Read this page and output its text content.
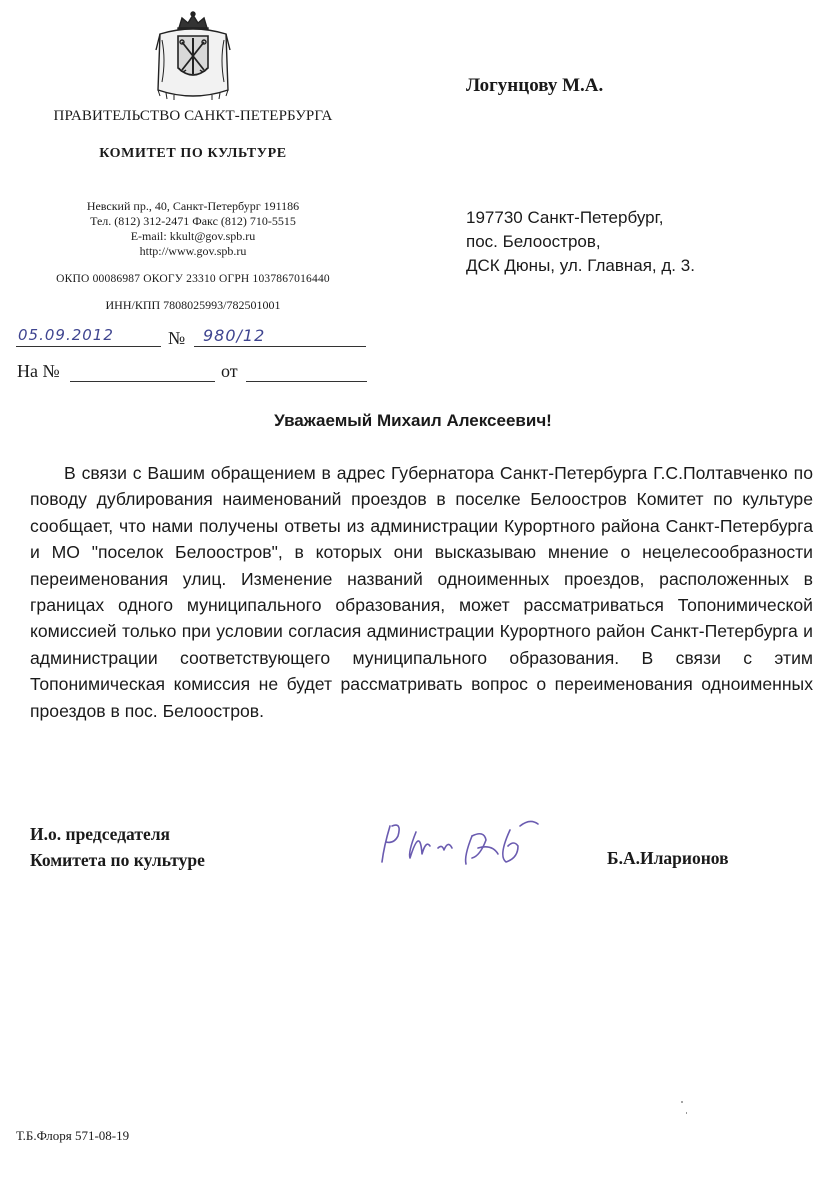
ПРАВИТЕЛЬСТВО САНКТ-ПЕТЕРБУРГА
КОМИТЕТ ПО КУЛЬТУРЕ
Невский пр., 40, Санкт-Петербург 191186
Тел. (812) 312-2471 Факс (812) 710-5515
E-mail: kkult@gov.spb.ru
http://www.gov.spb.ru
ОКПО 00086987 ОКОГУ 23310 ОГРН 1037867016440
ИНН/КПП 7808025993/782501001
05.09.2012	№ 980/12
На №	от
Логунцову М.А.
197730 Санкт-Петербург,
пос. Белоостров,
ДСК Дюны, ул. Главная, д. 3.
Уважаемый Михаил Алексеевич!

В связи с Вашим обращением в адрес Губернатора Санкт-Петербурга Г.С.Полтавченко по поводу дублирования наименований проездов в поселке Белоостров Комитет по культуре сообщает, что нами получены ответы из администрации Курортного района Санкт-Петербурга и МО "поселок Белоостров", в которых они высказываю мнение о нецелесообразности переименования улиц. Изменение названий одноименных проездов, расположенных в границах одного муниципального образования, может рассматриваться Топонимической комиссией только при условии согласия администрации Курортного район Санкт-Петербурга и администрации соответствующего муниципального образования. В связи с этим Топонимическая комиссия не будет рассматривать вопрос о переименования одноименных проездов в пос. Белоостров.

И.о. председателя
Комитета по культуре	Б.А.Иларионов
Т.Б.Флоря 571-08-19
